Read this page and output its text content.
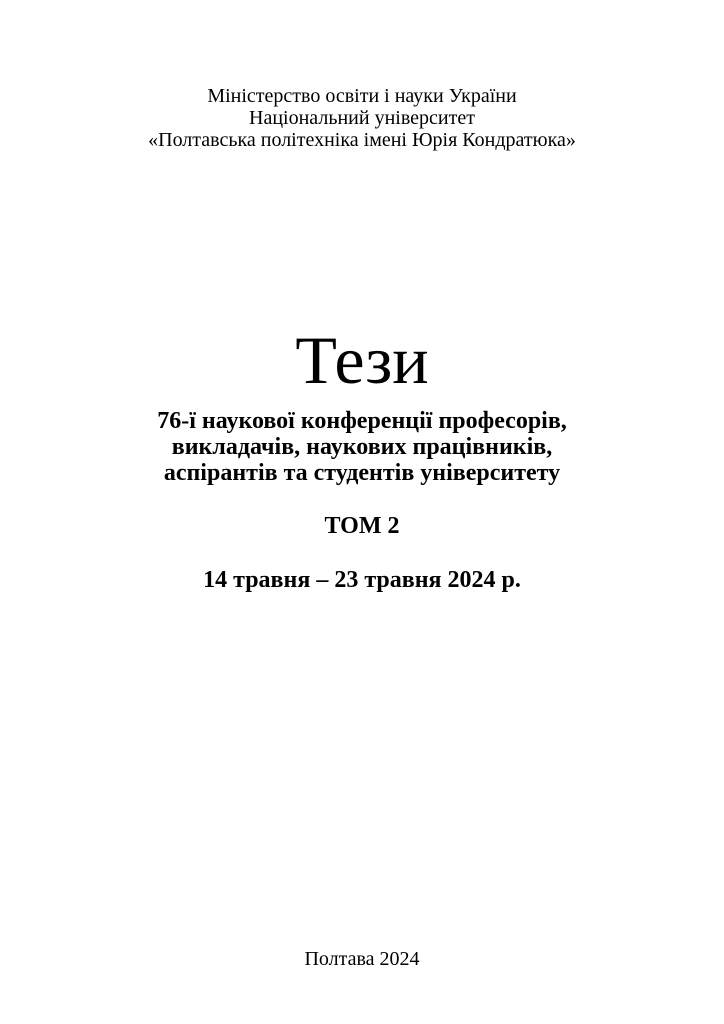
Міністерство освіти і науки України
Національний університет
«Полтавська політехніка імені Юрія Кондратюка»
Тези
76-ї наукової конференції професорів,
викладачів, наукових працівників,
аспірантів та студентів університету
ТОМ 2
14 травня – 23 травня 2024 р.
Полтава 2024
